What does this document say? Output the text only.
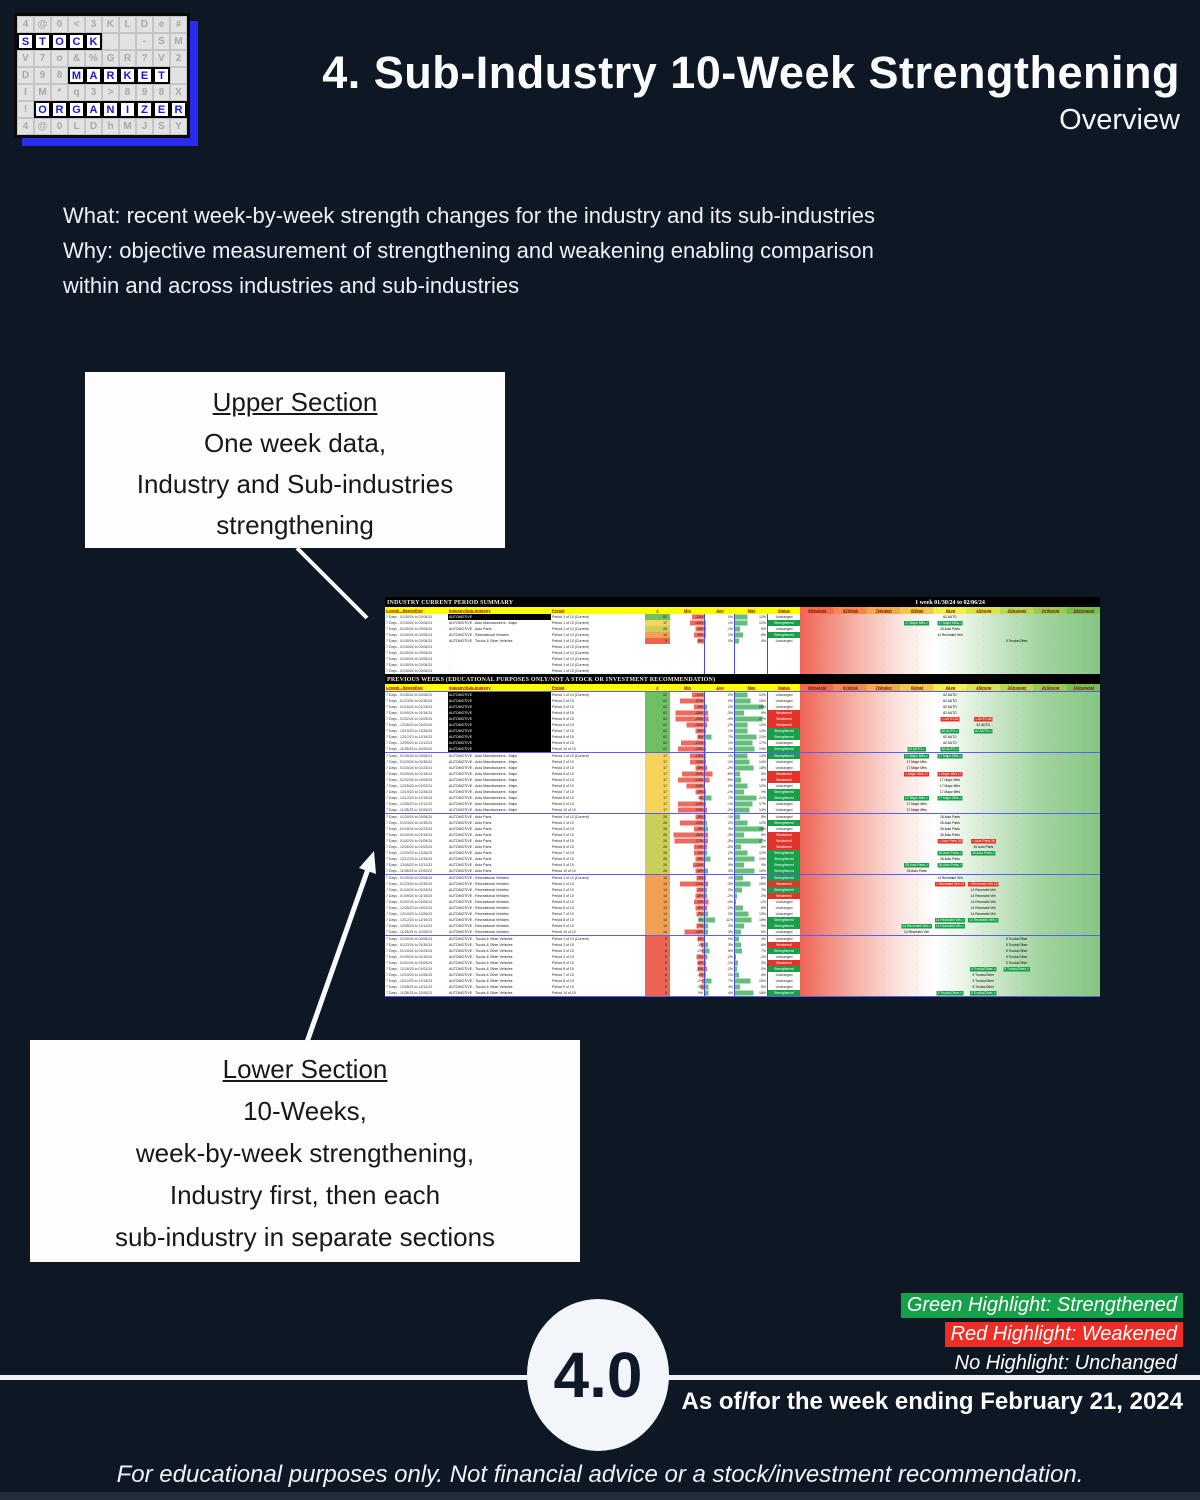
4 @ 0	<	3	K	L	D	e	#
S T O C K	-	S M
V	7	o	& % G R	?	V	2
D	9	8 M A R K E T
I	M	*	q	3	>	8	9	8	X
!	O R G A N	I	Z E R
4 @ 0	L	D	h M	J	S	Y
4. Sub-Industry 10-Week Strengthening
Overview
What: recent week-by-week strength changes for the industry and its sub-industries
Why: objective measurement of strengthening and weakening enabling comparison
within and across industries and sub-industries
Upper Section
One week data,
Industry and Sub-industries
strengthening
Lower Section
10-Weeks,
week-by-week strengthening,
Industry first, then each
sub-industry in separate sections
INDUSTRY CURRENT PERIOD SUMMARY	1 week 01/30/24 to 02/06/24
Length - Begin/End	Industry/Sub-Industry	Period	#	Min	Avg	Max	Status	9Weakest	8VWeak	7Weaker	6Weak	5Avg	4Strong	3Stronger	2VStrong	1Strongest
7 Days - 01/30/24 to 02/06/24	AUTOMOTIVE	Period 1 of 10 (Current)	62	-11%	0%	12%	Unchanged	.	.	.	.	62 AUTO	.	.	.	.
7 Days - 01/30/24 to 02/06/24	AUTOMOTIVE - Auto Manufacturers - Major	Period 1 of 10 (Current)	17	-13%	1%	12%	Strengthened	.	.	.	17 Major Mfrs-> 17 Major Mfrs->	.	.	.	.
7 Days - 01/30/24 to 02/06/24	AUTOMOTIVE - Auto Parts	Period 1 of 10 (Current)	26	-8%	-1%	5%	Unchanged	.	.	.	.	26 Auto Parts	.	.	.	.
7 Days - 01/30/24 to 02/06/24	AUTOMOTIVE - Recreational Vehicles	Period 1 of 10 (Current)	14	-9%	1%	8%	Strengthened	.	.	.	.	14 Recreatnl Veh	.	.	.	.
7 Days - 01/30/24 to 02/06/24	AUTOMOTIVE - Trucks & Other Vehicles	Period 1 of 10 (Current)	5	-6%	0%	4%	Unchanged	.	.	.	.	.	.	5 Trucks/Other	.	.
7 Days - 01/30/24 to 02/06/24	.	Period 1 of 10 (Current)	.	.	.	.	.	.	.	.	.	.	.	.	.	.
7 Days - 01/30/24 to 02/06/24	.	Period 1 of 10 (Current)	.	.	.	.	.	.	.	.	.	.	.	.	.	.
7 Days - 01/30/24 to 02/06/24	.	Period 1 of 10 (Current)	.	.	.	.	.	.	.	.	.	.	.	.	.	.
7 Days - 01/30/24 to 02/06/24	.	Period 1 of 10 (Current)	.	.	.	.	.	.	.	.	.	.	.	.	.	.
7 Days - 01/30/24 to 02/06/24	.	Period 1 of 10 (Current)	.	.	.	.	.	.	.	.	.	.	.	.	.	.
PREVIOUS WEEKS (EDUCATIONAL PURPOSES ONLY/NOT A STOCK OR INVESTMENT RECOMMENDATION)
Length - Begin/End	Industry/Sub-Industry	Period	#	Min	Avg	Max	Status	9Weakest	8VWeak	7Weaker	6Weak	5Avg	4Strong	3Stronger	2VStrong	1Strongest
7 Days - 01/30/24 to 02/06/24	AUTOMOTIVE	Period 1 of 10 (Current)	62	-11%	0%	12%	Unchanged	.	.	.	.	62 AUTO	.	.	.	.
7 Days - 01/23/24 to 01/30/24	AUTOMOTIVE	Period 2 of 10	62	-22%	0%	15%	Unchanged	.	.	.	.	62 AUTO	.	.	.	.
7 Days - 01/16/24 to 01/23/24	AUTOMOTIVE	Period 3 of 10	62	-9%	2%	28%	Unchanged	.	.	.	.	62 AUTO	.	.	.	.
7 Days - 01/09/24 to 01/16/24	AUTOMOTIVE	Period 4 of 10	62	-26%	-3%	9%	Weakened	.	.	.	.	62 AUTO	.	.	.	.
7 Days - 01/02/24 to 01/09/24	AUTOMOTIVE	Period 5 of 10	62	-26%	-4%	27%	Weakened	.	.	.	.	<-AUTO 62	<-AUTO 62	.	.	.
7 Days - 12/26/23 to 01/02/24	AUTOMOTIVE	Period 6 of 10	62	-16%	-2%	12%	Weakened	.	.	.	.	.	62 AUTO	.	.	.
7 Days - 12/19/23 to 12/26/23	AUTOMOTIVE	Period 7 of 10	62	-8%	1%	12%	Strengthened	.	.	.	.	62 AUTO->	62 AUTO->	.	.	.
7 Days - 12/12/23 to 12/19/23	AUTOMOTIVE	Period 8 of 10	62	-6%	7%	21%	Strengthened	.	.	.	.	62 AUTO	.	.	.	.
7 Days - 12/05/23 to 12/12/23	AUTOMOTIVE	Period 9 of 10	62	-21%	1%	17%	Unchanged	.	.	.	.	62 AUTO	.	.	.	.
7 Days - 11/28/23 to 12/05/23	AUTOMOTIVE	Period 10 of 10	62	-24%	1%	19%	Strengthened	.	.	.	62 AUTO->	62 AUTO->	.	.	.	.
7 Days - 01/30/24 to 02/06/24	AUTOMOTIVE - Auto Manufacturers - Major	Period 1 of 10 (Current)	17	-13%	1%	12%	Strengthened	.	.	.	17 Major Mfrs-> 17 Major Mfrs->	.	.	.	.
7 Days - 01/23/24 to 01/30/24	AUTOMOTIVE - Auto Manufacturers - Major	Period 2 of 10	17	-13%	-1%	14%	Unchanged	.	.	.	17 Major Mfrs	.	.	.	.	.
7 Days - 01/16/24 to 01/23/24	AUTOMOTIVE - Auto Manufacturers - Major	Period 3 of 10	17	-8%	-2%	18%	Unchanged	.	.	.	17 Major Mfrs	.	.	.	.	.
7 Days - 01/09/24 to 01/16/24	AUTOMOTIVE - Auto Manufacturers - Major	Period 4 of 10	17	-20%	-8%	5%	Weakened	.	.	.	<-Major Mfrs 17 <-Major Mfrs 17	.	.	.	.
7 Days - 01/02/24 to 01/09/24	AUTOMOTIVE - Auto Manufacturers - Major	Period 5 of 10	17	-24%	-5%	6%	Weakened	.	.	.	.	17 Major Mfrs	.	.	.	.
7 Days - 12/26/23 to 01/02/24	AUTOMOTIVE - Auto Manufacturers - Major	Period 6 of 10	17	-16%	0%	12%	Unchanged	.	.	.	.	17 Major Mfrs	.	.	.	.
7 Days - 12/19/23 to 12/26/23	AUTOMOTIVE - Auto Manufacturers - Major	Period 7 of 10	17	-8%	-1%	9%	Strengthened	.	.	.	.	17 Major Mfrs	.	.	.	.
7 Days - 12/12/23 to 12/19/23	AUTOMOTIVE - Auto Manufacturers - Major	Period 8 of 10	17	-4%	7%	21%	Strengthened	.	.	.	17 Major Mfrs-> 17 Major Mfrs->	.	.	.	.
7 Days - 12/05/23 to 12/12/23	AUTOMOTIVE - Auto Manufacturers - Major	Period 9 of 10	17	-24%	-1%	17%	Unchanged	.	.	.	17 Major Mfrs	.	.	.	.	.
7 Days - 11/28/23 to 12/05/23	AUTOMOTIVE - Auto Manufacturers - Major	Period 10 of 10	17	-24%	-2%	14%	Unchanged	.	.	.	17 Major Mfrs	.	.	.	.	.
7 Days - 01/30/24 to 02/06/24	AUTOMOTIVE - Auto Parts	Period 1 of 10 (Current)	26	-8%	-1%	5%	Unchanged	.	.	.	.	26 Auto Parts	.	.	.	.
7 Days - 01/23/24 to 01/30/24	AUTOMOTIVE - Auto Parts	Period 2 of 10	26	-22%	2%	12%	Strengthened	.	.	.	.	26 Auto Parts	.	.	.	.
7 Days - 01/16/24 to 01/23/24	AUTOMOTIVE - Auto Parts	Period 3 of 10	26	-9%	3%	28%	Unchanged	.	.	.	.	26 Auto Parts	.	.	.	.
7 Days - 01/09/24 to 01/16/24	AUTOMOTIVE - Auto Parts	Period 4 of 10	26	-28%	-3%	9%	Weakened	.	.	.	.	26 Auto Parts	.	.	.	.
7 Days - 01/02/24 to 01/09/24	AUTOMOTIVE - Auto Parts	Period 5 of 10	26	-27%	-3%	27%	Weakened	.	.	.	.	<-Auto Parts 26 <-Auto Parts 26	.	.	.
7 Days - 12/26/23 to 01/02/24	AUTOMOTIVE - Auto Parts	Period 6 of 10	26	-9%	-2%	6%	Weakened	.	.	.	.	.	26 Auto Parts	.	.	.
7 Days - 12/19/23 to 12/26/23	AUTOMOTIVE - Auto Parts	Period 7 of 10	26	-9%	2%	12%	Strengthened	.	.	.	.	26 Auto Parts-> 26 Auto Parts->	.	.	.
7 Days - 12/12/23 to 12/19/23	AUTOMOTIVE - Auto Parts	Period 8 of 10	26	-8%	6%	19%	Strengthened	.	.	.	.	26 Auto Parts	.	.	.	.
7 Days - 12/05/23 to 12/12/23	AUTOMOTIVE - Auto Parts	Period 9 of 10	26	-10%	0%	9%	Strengthened	.	.	.	26 Auto Parts-> 26 Auto Parts->	.	.	.	.
7 Days - 11/28/23 to 12/05/23	AUTOMOTIVE - Auto Parts	Period 10 of 10	26	-8%	3%	19%	Strengthened	.	.	.	26 Auto Parts	.	.	.	.	.
7 Days - 01/30/24 to 02/06/24	AUTOMOTIVE - Recreational Vehicles	Period 1 of 10 (Current)	14	-7%	1%	8%	Strengthened	.	.	.	.	14 Recreatnl Veh	.	.	.	.
7 Days - 01/23/24 to 01/30/24	AUTOMOTIVE - Recreational Vehicles	Period 2 of 10	14	-22%	-3%	15%	Weakened	.	.	.	.	<-Recreatnl Veh 14 <-Recreatnl Veh 14	.	.	.
7 Days - 01/16/24 to 01/23/24	AUTOMOTIVE - Recreational Vehicles	Period 3 of 10	14	-7%	2%	7%	Strengthened	.	.	.	.	.	14 Recreatnl Veh	.	.	.
7 Days - 01/09/24 to 01/16/24	AUTOMOTIVE - Recreational Vehicles	Period 4 of 10	14	-8%	-2%	2%	Weakened	.	.	.	.	.	14 Recreatnl Veh	.	.	.
7 Days - 01/02/24 to 01/09/24	AUTOMOTIVE - Recreational Vehicles	Period 5 of 10	14	-9%	-4%	-1%	Unchanged	.	.	.	.	.	14 Recreatnl Veh	.	.	.
7 Days - 12/26/23 to 01/02/24	AUTOMOTIVE - Recreational Vehicles	Period 6 of 10	14	-8%	-2%	8%	Unchanged	.	.	.	.	.	14 Recreatnl Veh	.	.	.
7 Days - 12/19/23 to 12/26/23	AUTOMOTIVE - Recreational Vehicles	Period 7 of 10	14	-7%	3%	13%	Unchanged	.	.	.	.	.	14 Recreatnl Veh	.	.	.
7 Days - 12/12/23 to 12/19/23	AUTOMOTIVE - Recreational Vehicles	Period 8 of 10	14	5%	11%	16%	Strengthened	.	.	.	.	14 Recreatnl Veh-> 14 Recreatnl Veh->	.	.	.
7 Days - 12/05/23 to 12/12/23	AUTOMOTIVE - Recreational Vehicles	Period 9 of 10	14	-7%	3%	9%	Strengthened	.	.	.	14 Recreatnl Veh-> 14 Recreatnl Veh->	.	.	.	.
7 Days - 11/28/23 to 12/05/23	AUTOMOTIVE - Recreational Vehicles	Period 10 of 10	14	-18%	3%	6%	Unchanged	.	.	.	14 Recreatnl Veh	.	.	.	.	.
7 Days - 01/30/24 to 02/06/24	AUTOMOTIVE - Trucks & Other Vehicles	Period 1 of 10 (Current)	5	-6%	0%	4%	Unchanged	.	.	.	.	.	.	5 Trucks/Other	.	.
7 Days - 01/23/24 to 01/30/24	AUTOMOTIVE - Trucks & Other Vehicles	Period 2 of 10	5	-3%	3%	6%	Weakened	.	.	.	.	.	.	5 Trucks/Other	.	.
7 Days - 01/16/24 to 01/23/24	AUTOMOTIVE - Trucks & Other Vehicles	Period 3 of 10	5	-2%	5%	7%	Strengthened	.	.	.	.	.	.	5 Trucks/Other	.	.
7 Days - 01/09/24 to 01/16/24	AUTOMOTIVE - Trucks & Other Vehicles	Period 4 of 10	5	-7%	-2%	-1%	Unchanged	.	.	.	.	.	.	5 Trucks/Other	.	.
7 Days - 01/02/24 to 01/09/24	AUTOMOTIVE - Trucks & Other Vehicles	Period 5 of 10	5	-6%	-1%	3%	Weakened	.	.	.	.	.	.	5 Trucks/Other	.	.
7 Days - 12/26/23 to 01/02/24	AUTOMOTIVE - Trucks & Other Vehicles	Period 6 of 10	5	-6%	-2%	2%	Strengthened	.	.	.	.	.	5 Trucks/Other-> 5 Trucks/Other->	.	.
7 Days - 12/19/23 to 12/26/23	AUTOMOTIVE - Trucks & Other Vehicles	Period 7 of 10	5	-4%	1%	4%	Unchanged	.	.	.	.	.	5 Trucks/Other	.	.	.
7 Days - 12/12/23 to 12/19/23	AUTOMOTIVE - Trucks & Other Vehicles	Period 8 of 10	5	-2%	7%	15%	Unchanged	.	.	.	.	.	5 Trucks/Other	.	.	.
7 Days - 12/05/23 to 12/12/23	AUTOMOTIVE - Trucks & Other Vehicles	Period 9 of 10	5	-3%	4%	5%	Unchanged	.	.	.	.	.	5 Trucks/Other	.	.	.
7 Days - 11/28/23 to 12/05/23	AUTOMOTIVE - Trucks & Other Vehicles	Period 10 of 10	5	0%	4%	18%	Strengthened	.	.	.	.	5 Trucks/Other-> 5 Trucks/Other->	.	.	.
Green Highlight: Strengthened
Red Highlight: Weakened
No Highlight: Unchanged
4.0	As of/for the week ending February 21, 2024
For educational purposes only. Not financial advice or a stock/investment recommendation.
